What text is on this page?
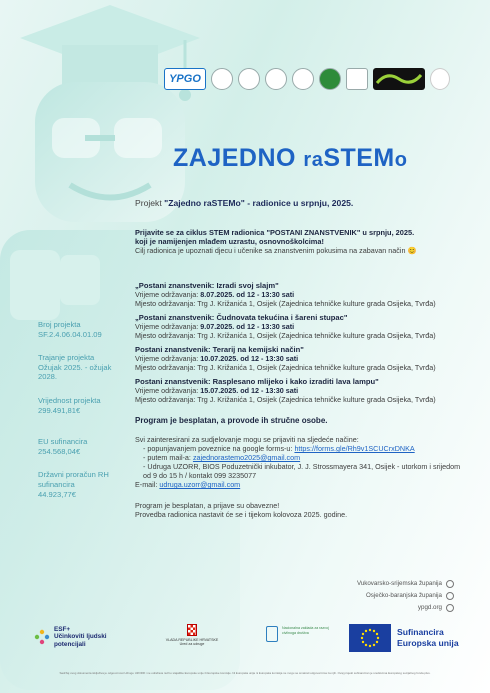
YPGO
ZAJEDNO raSTEMo
Projekt "Zajedno raSTEMo" - radionice u srpnju, 2025.
Prijavite se za ciklus STEM radionica "POSTANI ZNANSTVENIK" u srpnju, 2025.
koji je namijenjen mlađem uzrastu, osnovnoškolcima!
Cilj radionica je upoznati djecu i učenike sa znanstvenim pokusima na zabavan način 😊
„Postani znanstvenik: Izradi svoj slajm"
Vrijeme održavanja: 8.07.2025. od 12 - 13:30 sati
Mjesto održavanja: Trg J. Križanića 1, Osijek (Zajednica tehničke kulture grada Osijeka, Tvrđa)
„Postani znanstvenik: Čudnovata tekućina i šareni stupac"
Vrijeme održavanja: 9.07.2025. od 12 - 13:30 sati
Mjesto održavanja: Trg J. Križanića 1, Osijek (Zajednica tehničke kulture grada Osijeka, Tvrđa)
Postani znanstvenik: Terarij na kemijski način"
Vrijeme održavanja: 10.07.2025. od 12 - 13:30 sati
Mjesto održavanja: Trg J. Križanića 1, Osijek (Zajednica tehničke kulture grada Osijeka, Tvrđa)
Postani znanstvenik: Rasplesano mlijeko i kako izraditi lava lampu"
Vrijeme održavanja: 15.07.2025. od 12 - 13:30 sati
Mjesto održavanja: Trg J. Križanića 1, Osijek (Zajednica tehničke kulture grada Osijeka, Tvrđa)
Program je besplatan, a provode ih stručne osobe.
Svi zainteresirani za sudjelovanje mogu se prijaviti na sljedeće načine:
- popunjavanjem poveznice na google forms-u: https://forms.gle/Rh9v1SCUCrxDNKA
- putem mail-a: zajednorastemo2025@gmail.com
- Udruga UZORR, BIOS Poduzetnički inkubator, J. J. Strossmayera 341, Osijek - utorkom i srijedom od 9 do 15 h / kontakt 099 3235077
E-mail: udruga.uzorr@gmail.com
Program je besplatan, a prijave su obavezne!
Provedba radionica nastavit će se i tijekom kolovoza 2025. godine.
Broj projekta
SF.2.4.06.04.01.09
Trajanje projekta
Ožujak 2025. - ožujak 2028.
Vrijednost projekta
299.491,81€
EU sufinancira
254.568,04€
Državni proračun RH sufinancira
44.923,77€
Vukovarsko-srijemska županija
Osječko-baranjska županija
ypgd.org
ESF+
Učinkoviti ljudski potencijali
VLADA REPUBLIKE HRVATSKE Ured za udruge
Nacionalna zaklada za razvoj civilnoga društva	Sufinancira
Europska unija
Sadržaj ovog dokumenta isključiva je odgovornost Udruge UZORR i ne odražava nužno stajalište Europske unije ili Europske komisije. Ni Europska unija ni Europska komisija ne mogu se smatrati odgovornima za njih. Ovaj projekt sufinanciran je sredstvima Europskog socijalnog fonda plus.
